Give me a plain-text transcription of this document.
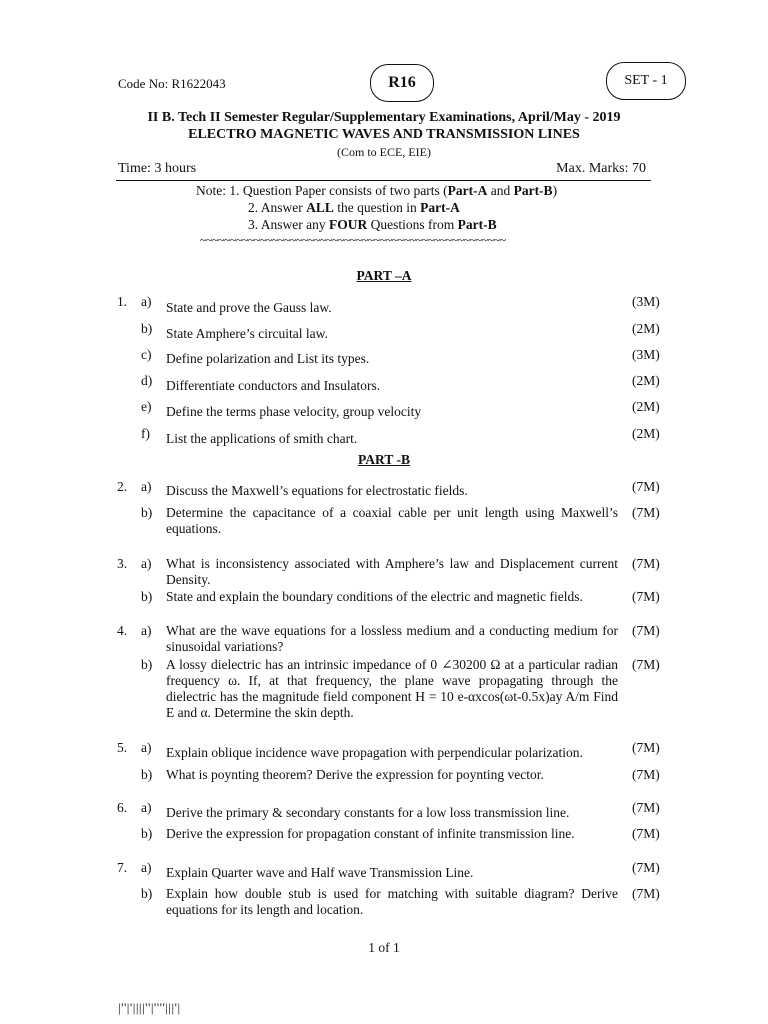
Code No: R1622043	R16	SET - 1
II B. Tech II Semester Regular/Supplementary Examinations, April/May - 2019
ELECTRO MAGNETIC WAVES AND TRANSMISSION LINES
(Com to ECE, EIE)
Time: 3 hours	Max. Marks: 70
Note: 1. Question Paper consists of two parts (Part-A and Part-B)
2. Answer ALL the question in Part-A
3. Answer any FOUR Questions from Part-B
~~~~~~~~~~~~~~~~~~~~~~~~~~~~~~~~~~~~~~~~~~~~~~~~~~~
PART –A
1. a) State and prove the Gauss law.	(3M)
b) State Amphere’s circuital law.	(2M)
c) Define polarization and List its types.	(3M)
d) Differentiate conductors and Insulators.	(2M)
e) Define the terms phase velocity, group velocity	(2M)
f) List the applications of smith chart.	(2M)
PART -B
2. a) Discuss the Maxwell’s equations for electrostatic fields.	(7M)
b) Determine the capacitance of a coaxial cable per unit length using Maxwell’s equations.
(7M)
3. a) What is inconsistency associated with Amphere’s law and Displacement current Density.
(7M)
b) State and explain the boundary conditions of the electric and magnetic fields.	(7M)
4. a) What are the wave equations for a lossless medium and a conducting medium for sinusoidal variations?
(7M)
b) A lossy dielectric has an intrinsic impedance of 0 ∠30200 Ω at a particular radian frequency ω. If, at that frequency, the plane wave propagating through the dielectric has the magnitude field component H = 10 e-αxcos(ωt-0.5x)ay A/m Find E and α. Determine the skin depth.
(7M)
5. a) Explain oblique incidence wave propagation with perpendicular polarization.	(7M)
b) What is poynting theorem? Derive the expression for poynting vector.	(7M)
6. a) Derive the primary & secondary constants for a low loss transmission line.	(7M)
b) Derive the expression for propagation constant of infinite transmission line.	(7M)
7. a) Explain Quarter wave and Half wave Transmission Line.	(7M)
b) Explain how double stub is used for matching with suitable diagram? Derive equations for its length and location.
(7M)
1 of 1
|''|'||||''|''''|||'|
